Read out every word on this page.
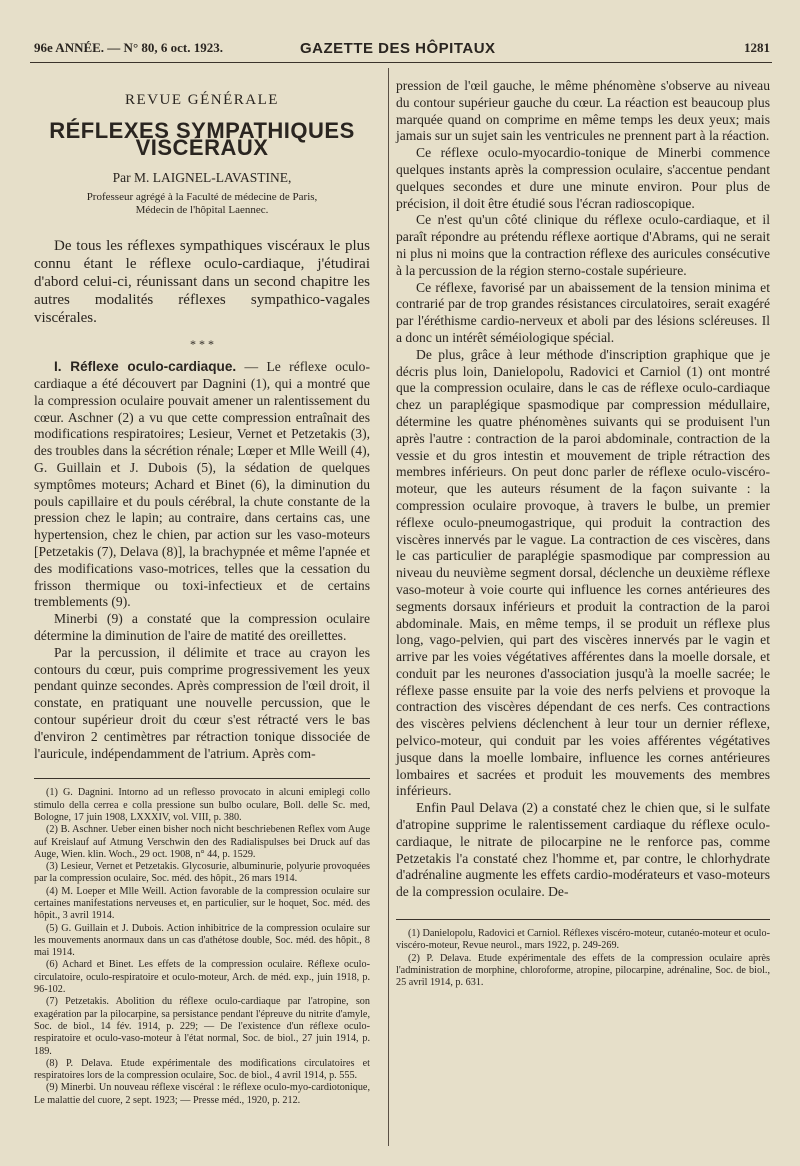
96e ANNÉE. — N° 80, 6 oct. 1923.	GAZETTE DES HÔPITAUX	1281
REVUE GÉNÉRALE
RÉFLEXES SYMPATHIQUES VISCÉRAUX
Par M. LAIGNEL-LAVASTINE,
Professeur agrégé à la Faculté de médecine de Paris,
Médecin de l'hôpital Laennec.

De tous les réflexes sympathiques viscéraux le plus connu étant le réflexe oculo-cardiaque, j'étudirai d'abord celui-ci, réunissant dans un second chapitre les autres modalités réflexes sympathico-vagales viscérales.

* * *

I. Réflexe oculo-cardiaque. — Le réflexe oculo-cardiaque a été découvert par Dagnini (1), qui a montré que la compression oculaire pouvait amener un ralentissement du cœur. Aschner (2) a vu que cette compression entraînait des modifications respiratoires; Lesieur, Vernet et Petzetakis (3), des troubles dans la sécrétion rénale; Lœper et Mlle Weill (4), G. Guillain et J. Dubois (5), la sédation de quelques symptômes moteurs; Achard et Binet (6), la diminution du pouls capillaire et du pouls cérébral, la chute constante de la pression chez le lapin; au contraire, dans certains cas, une hypertension, chez le chien, par action sur les vaso-moteurs [Petzetakis (7), Delava (8)], la brachypnée et même l'apnée et des modifications vaso-motrices, telles que la cessation du frisson thermique ou toxi-infectieux et de certains tremblements (9).

Minerbi (9) a constaté que la compression oculaire détermine la diminution de l'aire de matité des oreillettes.

Par la percussion, il délimite et trace au crayon les contours du cœur, puis comprime progressivement les yeux pendant quinze secondes. Après compression de l'œil droit, il constate, en pratiquant une nouvelle percussion, que le contour supérieur droit du cœur s'est rétracté vers le bas d'environ 2 centimètres par rétraction tonique dissociée de l'auricule, indépendamment de l'atrium. Après com-

(1) G. Dagnini. Intorno ad un reflesso provocato in alcuni emiplegi collo stimulo della cerrea e colla pressione sun bulbo oculare, Boll. delle Sc. med, Bologne, 17 juin 1908, LXXXIV, vol. VIII, p. 380.

(2) B. Aschner. Ueber einen bisher noch nicht beschriebenen Reflex vom Auge auf Kreislauf auf Atmung Verschwin den des Radialispulses bei Druck auf das Auge, Wien. klin. Woch., 29 oct. 1908, n° 44, p. 1529.

(3) Lesieur, Vernet et Petzetakis. Glycosurie, albuminurie, polyurie provoquées par la compression oculaire, Soc. méd. des hôpit., 26 mars 1914.

(4) M. Loeper et Mlle Weill. Action favorable de la compression oculaire sur certaines manifestations nerveuses et, en particulier, sur le hoquet, Soc. méd. des hôpit., 3 avril 1914.

(5) G. Guillain et J. Dubois. Action inhibitrice de la compression oculaire sur les mouvements anormaux dans un cas d'athétose double, Soc. méd. des hôpit., 8 mai 1914.

(6) Achard et Binet. Les effets de la compression oculaire. Réflexe oculo-circulatoire, oculo-respiratoire et oculo-moteur, Arch. de méd. exp., juin 1918, p. 96-102.

(7) Petzetakis. Abolition du réflexe oculo-cardiaque par l'atropine, son exagération par la pilocarpine, sa persistance pendant l'épreuve du nitrite d'amyle, Soc. de biol., 14 fév. 1914, p. 229; — De l'existence d'un réflexe oculo-respiratoire et oculo-vaso-moteur à l'état normal, Soc. de biol., 27 juin 1914, p. 189.

(8) P. Delava. Etude expérimentale des modifications circulatoires et respiratoires lors de la compression oculaire, Soc. de biol., 4 avril 1914, p. 555.

(9) Minerbi. Un nouveau réflexe viscéral : le réflexe oculo-myo-cardiotonique, Le malattie del cuore, 2 sept. 1923; — Presse méd., 1920, p. 212.

pression de l'œil gauche, le même phénomène s'observe au niveau du contour supérieur gauche du cœur. La réaction est beaucoup plus marquée quand on comprime en même temps les deux yeux; mais jamais sur un sujet sain les ventricules ne prennent part à la réaction.

Ce réflexe oculo-myocardio-tonique de Minerbi commence quelques instants après la compression oculaire, s'accentue pendant quelques secondes et dure une minute environ. Pour plus de précision, il doit être étudié sous l'écran radioscopique.

Ce n'est qu'un côté clinique du réflexe oculo-cardiaque, et il paraît répondre au prétendu réflexe aortique d'Abrams, qui ne serait ni plus ni moins que la contraction réflexe des auricules consécutive à la percussion de la région sterno-costale supérieure.

Ce réflexe, favorisé par un abaissement de la tension minima et contrarié par de trop grandes résistances circulatoires, serait exagéré par l'éréthisme cardio-nerveux et aboli par des lésions scléreuses. Il a donc un intérêt séméiologique spécial.

De plus, grâce à leur méthode d'inscription graphique que je décris plus loin, Danielopolu, Radovici et Carniol (1) ont montré que la compression oculaire, dans le cas de réflexe oculo-cardiaque chez un paraplégique spasmodique par compression médullaire, détermine les quatre phénomènes suivants qui se produisent l'un après l'autre : contraction de la paroi abdominale, contraction de la vessie et du gros intestin et mouvement de triple rétraction des membres inférieurs. On peut donc parler de réflexe oculo-viscéro-moteur, que les auteurs résument de la façon suivante : la compression oculaire provoque, à travers le bulbe, un premier réflexe oculo-pneumogastrique, qui produit la contraction des viscères innervés par le vague. La contraction de ces viscères, dans le cas particulier de paraplégie spasmodique par compression au niveau du neuvième segment dorsal, déclenche un deuxième réflexe vaso-moteur à voie courte qui influence les cornes antérieures des segments dorsaux inférieurs et produit la contraction de la paroi abdominale. Mais, en même temps, il se produit un réflexe plus long, vago-pelvien, qui part des viscères innervés par le vagin et arrive par les voies végétatives afférentes dans la moelle dorsale, et conduit par les neurones d'association jusqu'à la moelle sacrée; le réflexe passe ensuite par la voie des nerfs pelviens et provoque la contraction des viscères dépendant de ces nerfs. Ces contractions des viscères pelviens déclenchent à leur tour un dernier réflexe, pelvico-moteur, qui conduit par les voies afférentes végétatives jusque dans la moelle lombaire, influence les cornes antérieures lombaires et sacrées et produit les mouvements des membres inférieurs.

Enfin Paul Delava (2) a constaté chez le chien que, si le sulfate d'atropine supprime le ralentissement cardiaque du réflexe oculo-cardiaque, le nitrate de pilocarpine ne le renforce pas, comme Petzetakis l'a constaté chez l'homme et, par contre, le chlorhydrate d'adrénaline augmente les effets cardio-modérateurs et vaso-moteurs de la compression oculaire. De-

(1) Danielopolu, Radovici et Carniol. Réflexes viscéro-moteur, cutanéo-moteur et oculo-viscéro-moteur, Revue neurol., mars 1922, p. 249-269.

(2) P. Delava. Etude expérimentale des effets de la compression oculaire après l'administration de morphine, chloroforme, atropine, pilocarpine, adrénaline, Soc. de biol., 25 avril 1914, p. 631.
